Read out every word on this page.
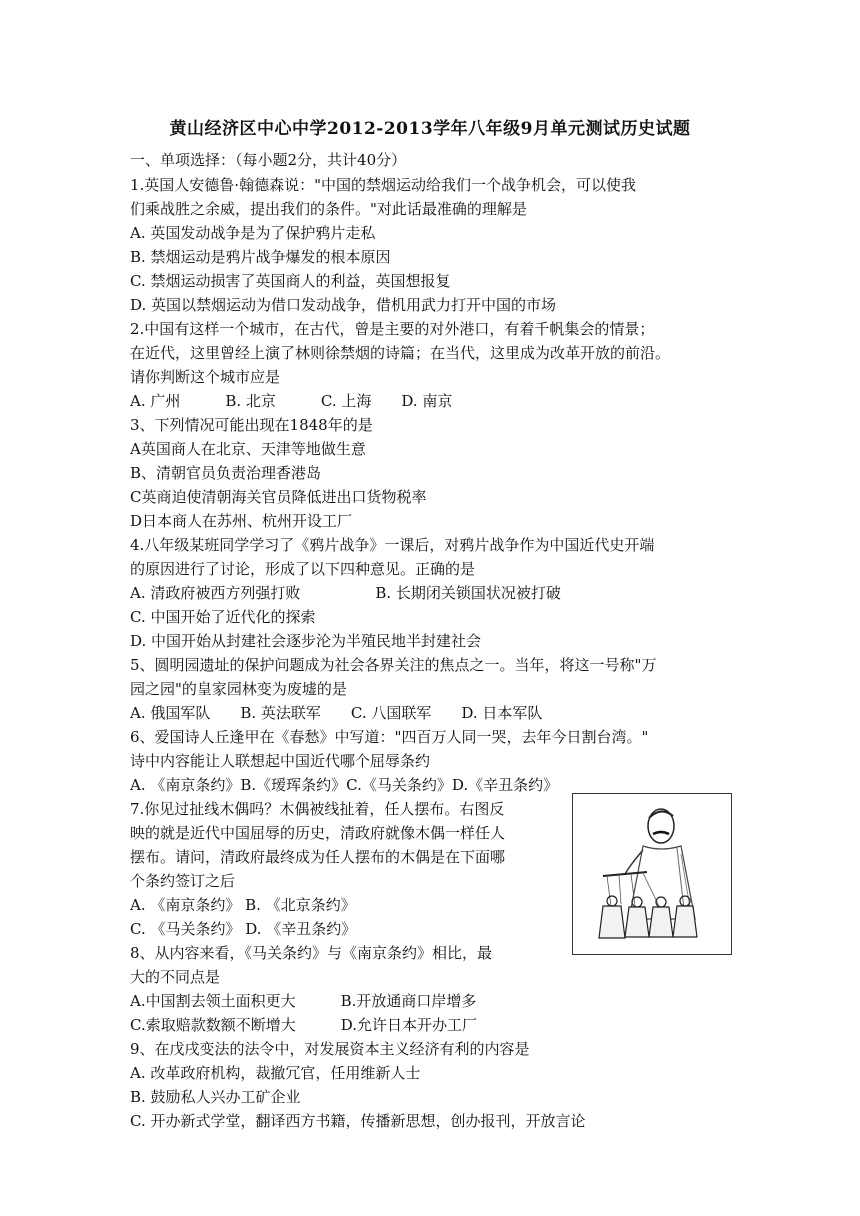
黄山经济区中心中学2012-2013学年八年级9月单元测试历史试题
一、单项选择：（每小题2分，共计40分）
1.英国人安德鲁·翰德森说："中国的禁烟运动给我们一个战争机会，可以使我
们乘战胜之余威，提出我们的条件。"对此话最准确的理解是
A. 英国发动战争是为了保护鸦片走私
B. 禁烟运动是鸦片战争爆发的根本原因
C. 禁烟运动损害了英国商人的利益，英国想报复
D. 英国以禁烟运动为借口发动战争，借机用武力打开中国的市场
2.中国有这样一个城市，在古代，曾是主要的对外港口，有着千帆集会的情景；
在近代，这里曾经上演了林则徐禁烟的诗篇；在当代，这里成为改革开放的前沿。
请你判断这个城市应是
A. 广州　　　B. 北京　　　C. 上海　　D. 南京
3、下列情况可能出现在1848年的是
A英国商人在北京、天津等地做生意
B、清朝官员负责治理香港岛
C英商迫使清朝海关官员降低进出口货物税率
D日本商人在苏州、杭州开设工厂
4.八年级某班同学学习了《鸦片战争》一课后，对鸦片战争作为中国近代史开端
的原因进行了讨论，形成了以下四种意见。正确的是
A. 清政府被西方列强打败　　　　　B. 长期闭关锁国状况被打破
C. 中国开始了近代化的探索
D. 中国开始从封建社会逐步沦为半殖民地半封建社会
5、圆明园遗址的保护问题成为社会各界关注的焦点之一。当年，将这一号称"万
园之园"的皇家园林变为废墟的是
A. 俄国军队　　B. 英法联军　　C. 八国联军　　D. 日本军队
6、爱国诗人丘逢甲在《春愁》中写道："四百万人同一哭，去年今日割台湾。"
诗中内容能让人联想起中国近代哪个屈辱条约
A. 《南京条约》B.《瑷珲条约》C.《马关条约》D.《辛丑条约》
7.你见过扯线木偶吗？木偶被线扯着，任人摆布。右图反
映的就是近代中国屈辱的历史，清政府就像木偶一样任人
摆布。请问，清政府最终成为任人摆布的木偶是在下面哪
个条约签订之后
A. 《南京条约》 B. 《北京条约》
C. 《马关条约》 D. 《辛丑条约》
8、从内容来看，《马关条约》与《南京条约》相比，最
大的不同点是
A.中国割去领土面积更大　　　B.开放通商口岸增多
C.索取赔款数额不断增大　　　D.允许日本开办工厂
9、在戊戌变法的法令中，对发展资本主义经济有利的内容是
A. 改革政府机构，裁撤冗官，任用维新人士
B. 鼓励私人兴办工矿企业
C. 开办新式学堂，翻译西方书籍，传播新思想，创办报刊，开放言论
